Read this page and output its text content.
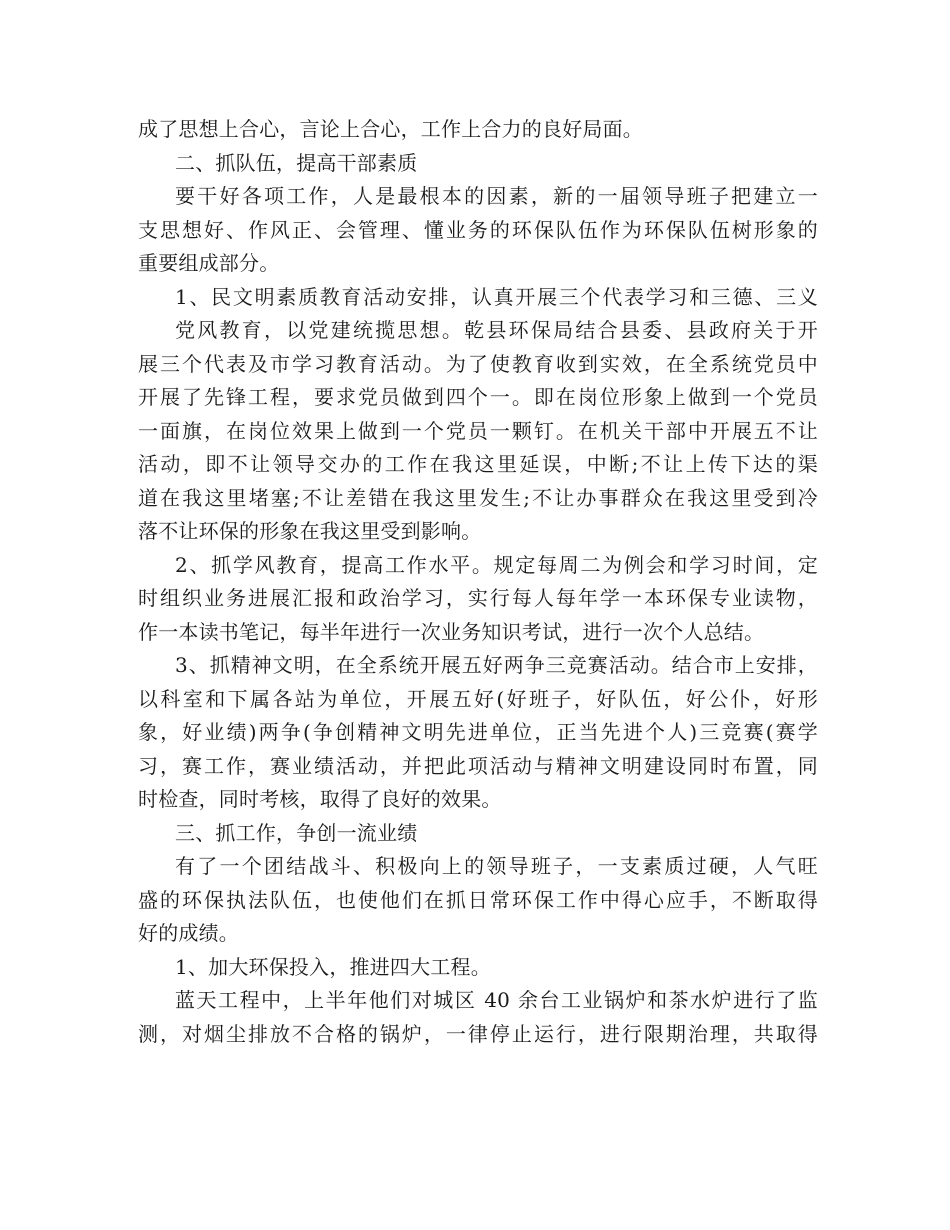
成了思想上合心，言论上合心，工作上合力的良好局面。
二、抓队伍，提高干部素质
要干好各项工作，人是最根本的因素，新的一届领导班子把建立一
支思想好、作风正、会管理、懂业务的环保队伍作为环保队伍树形象的
重要组成部分。
1、民文明素质教育活动安排，认真开展三个代表学习和三德、三义
党风教育，以党建统揽思想。乾县环保局结合县委、县政府关于开
展三个代表及市学习教育活动。为了使教育收到实效，在全系统党员中
开展了先锋工程，要求党员做到四个一。即在岗位形象上做到一个党员
一面旗，在岗位效果上做到一个党员一颗钉。在机关干部中开展五不让
活动，即不让领导交办的工作在我这里延误，中断;不让上传下达的渠
道在我这里堵塞;不让差错在我这里发生;不让办事群众在我这里受到冷
落不让环保的形象在我这里受到影响。
2、抓学风教育，提高工作水平。规定每周二为例会和学习时间，定
时组织业务进展汇报和政治学习，实行每人每年学一本环保专业读物，
作一本读书笔记，每半年进行一次业务知识考试，进行一次个人总结。
3、抓精神文明，在全系统开展五好两争三竞赛活动。结合市上安排，
以科室和下属各站为单位，开展五好(好班子，好队伍，好公仆，好形
象，好业绩)两争(争创精神文明先进单位，正当先进个人)三竞赛(赛学
习，赛工作，赛业绩活动，并把此项活动与精神文明建设同时布置，同
时检查，同时考核，取得了良好的效果。
三、抓工作，争创一流业绩
有了一个团结战斗、积极向上的领导班子，一支素质过硬，人气旺
盛的环保执法队伍，也使他们在抓日常环保工作中得心应手，不断取得
好的成绩。
1、加大环保投入，推进四大工程。
蓝天工程中，上半年他们对城区 40 余台工业锅炉和茶水炉进行了监
测，对烟尘排放不合格的锅炉，一律停止运行，进行限期治理，共取得
